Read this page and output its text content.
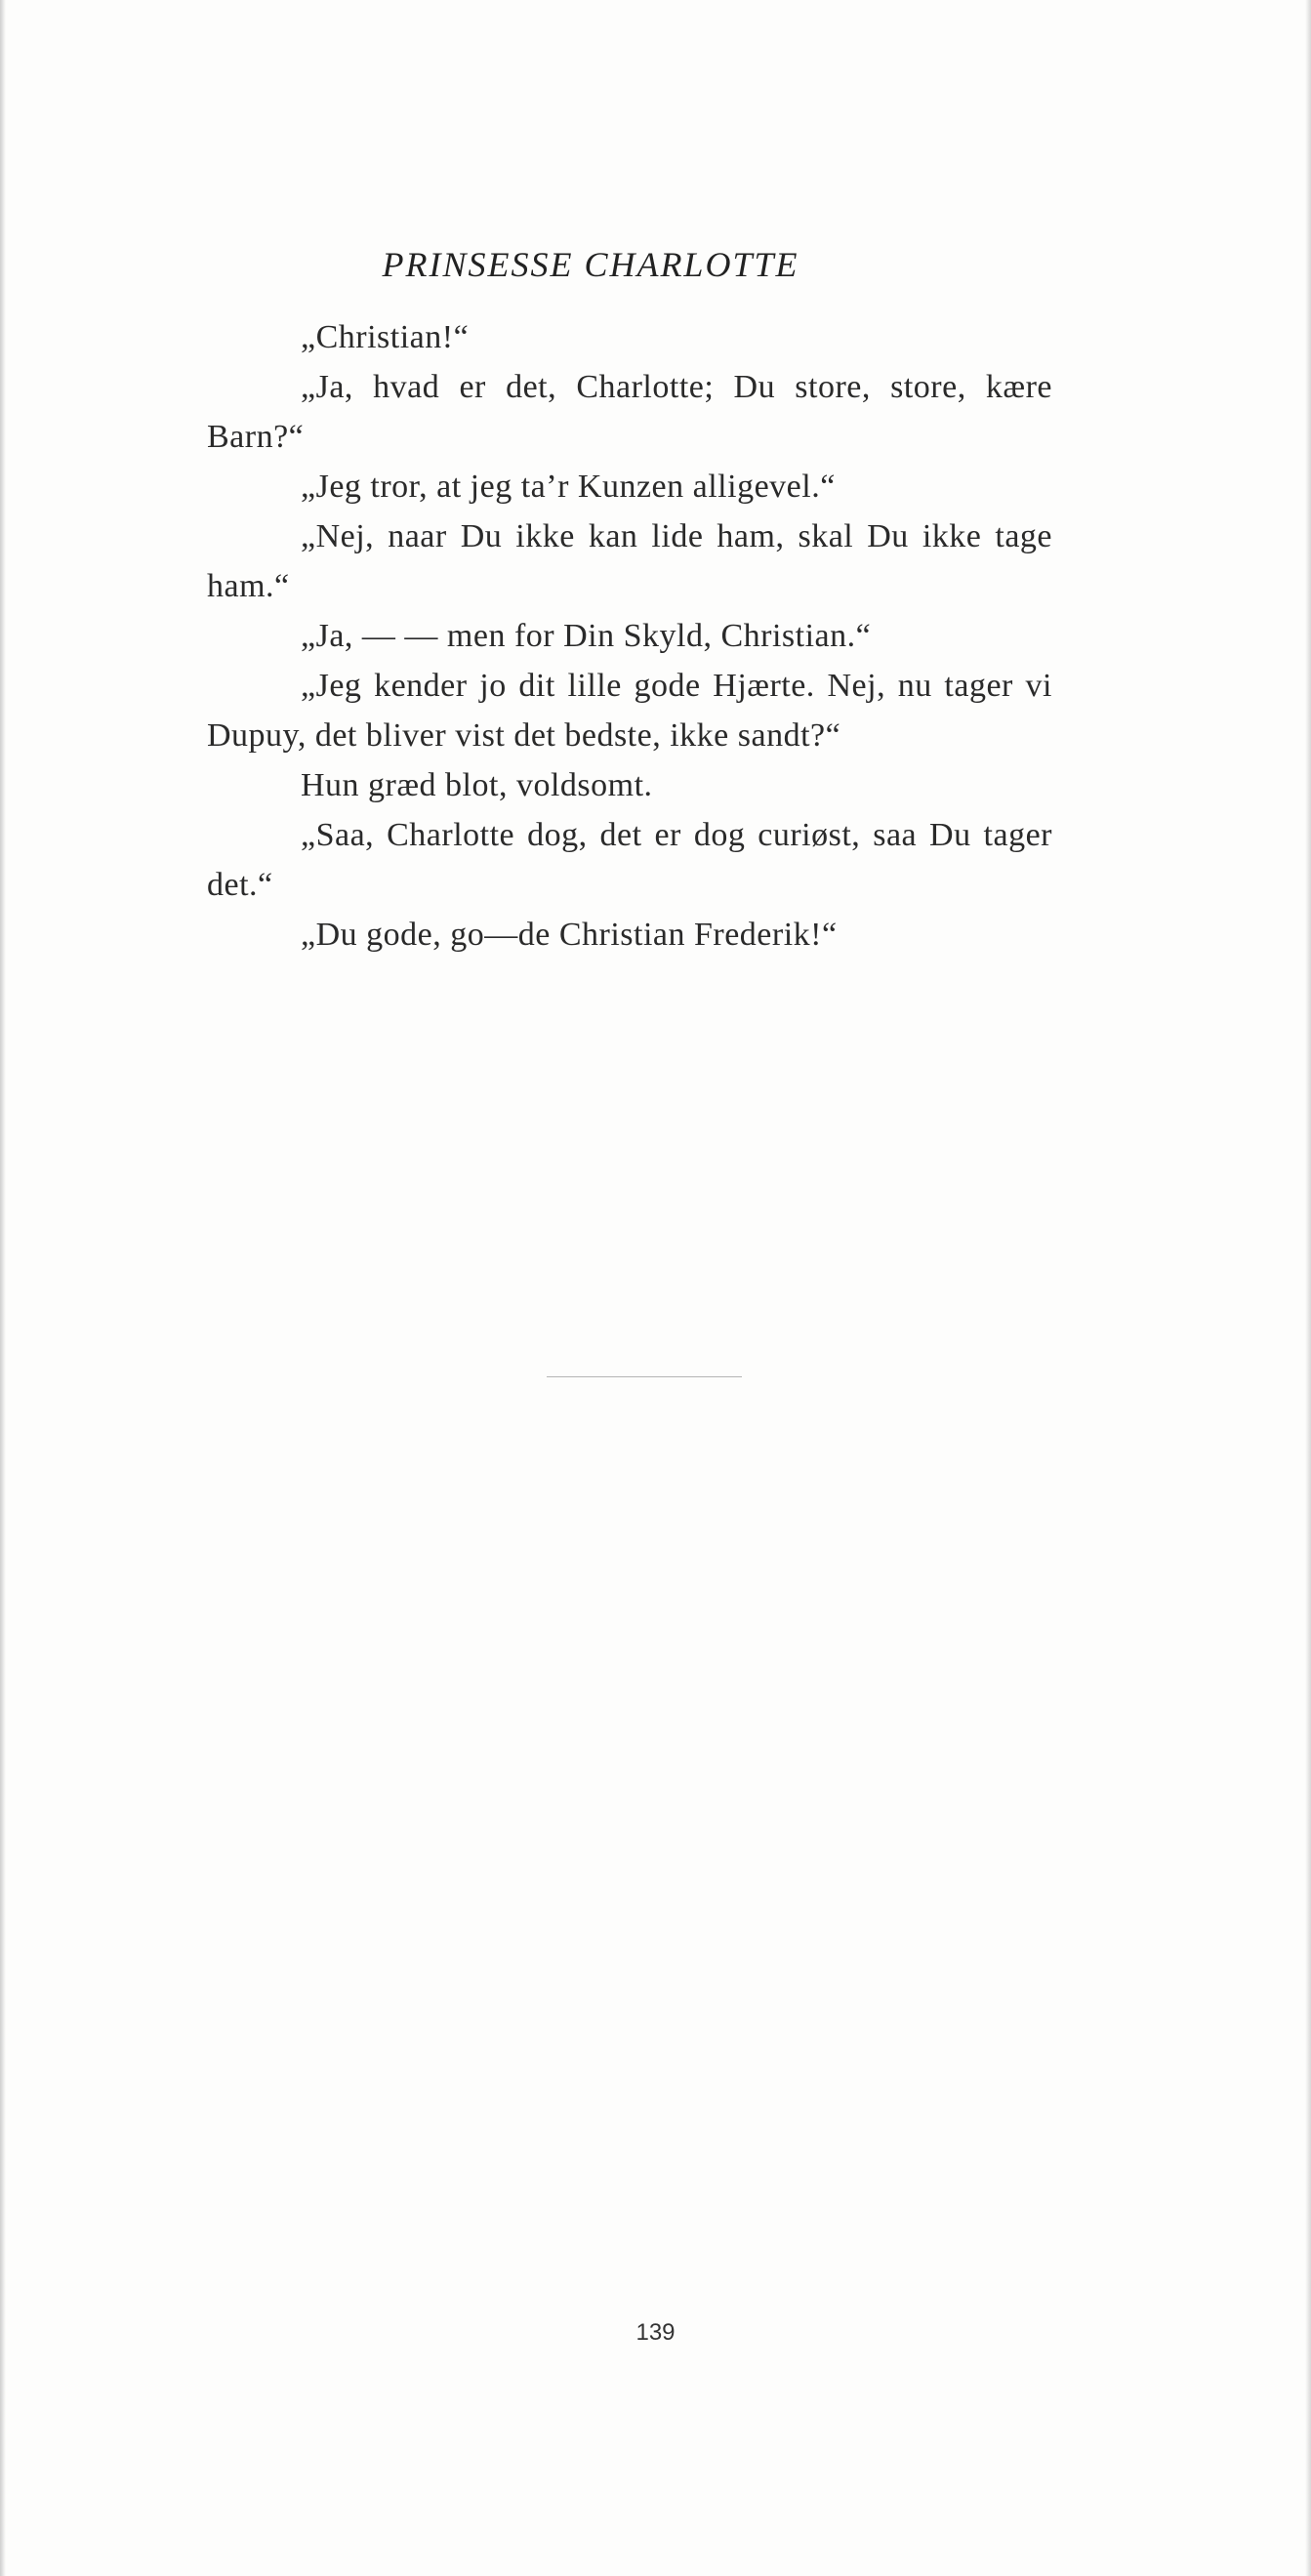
PRINSESSE CHARLOTTE

„Christian!“

„Ja, hvad er det, Charlotte; Du store, store, kære Barn?“

„Jeg tror, at jeg ta’r Kunzen alligevel.“

„Nej, naar Du ikke kan lide ham, skal Du ikke tage ham.“

„Ja, — — men for Din Skyld, Christian.“

„Jeg kender jo dit lille gode Hjærte. Nej, nu tager vi Dupuy, det bliver vist det bedste, ikke sandt?“

Hun græd blot, voldsomt.

„Saa, Charlotte dog, det er dog curiøst, saa Du tager det.“

„Du gode, go—de Christian Frederik!“

139
